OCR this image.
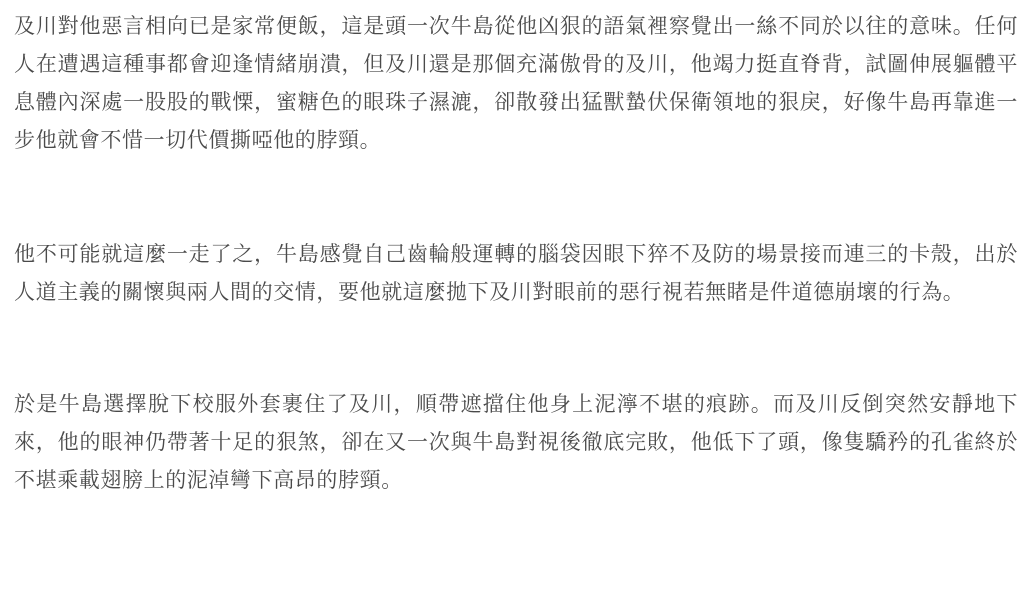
及川對他惡言相向已是家常便飯，這是頭一次牛島從他凶狠的語氣裡察覺出一絲不同於以往的意味。任何人在遭遇這種事都會迎逢情緒崩潰，但及川還是那個充滿傲骨的及川，他竭力挺直脊背，試圖伸展軀體平息體內深處一股股的戰慄，蜜糖色的眼珠子濕漉，卻散發出猛獸蟄伏保衛領地的狠戾，好像牛島再靠進一步他就會不惜一切代價撕啞他的脖頸。

他不可能就這麼一走了之，牛島感覺自己齒輪般運轉的腦袋因眼下猝不及防的場景接而連三的卡殼，出於人道主義的關懷與兩人間的交情，要他就這麼拋下及川對眼前的惡行視若無睹是件道德崩壞的行為。

於是牛島選擇脫下校服外套裹住了及川，順帶遮擋住他身上泥濘不堪的痕跡。而及川反倒突然安靜地下來，他的眼神仍帶著十足的狠煞，卻在又一次與牛島對視後徹底完敗，他低下了頭，像隻驕矜的孔雀終於不堪乘載翅膀上的泥淖彎下高昂的脖頸。
